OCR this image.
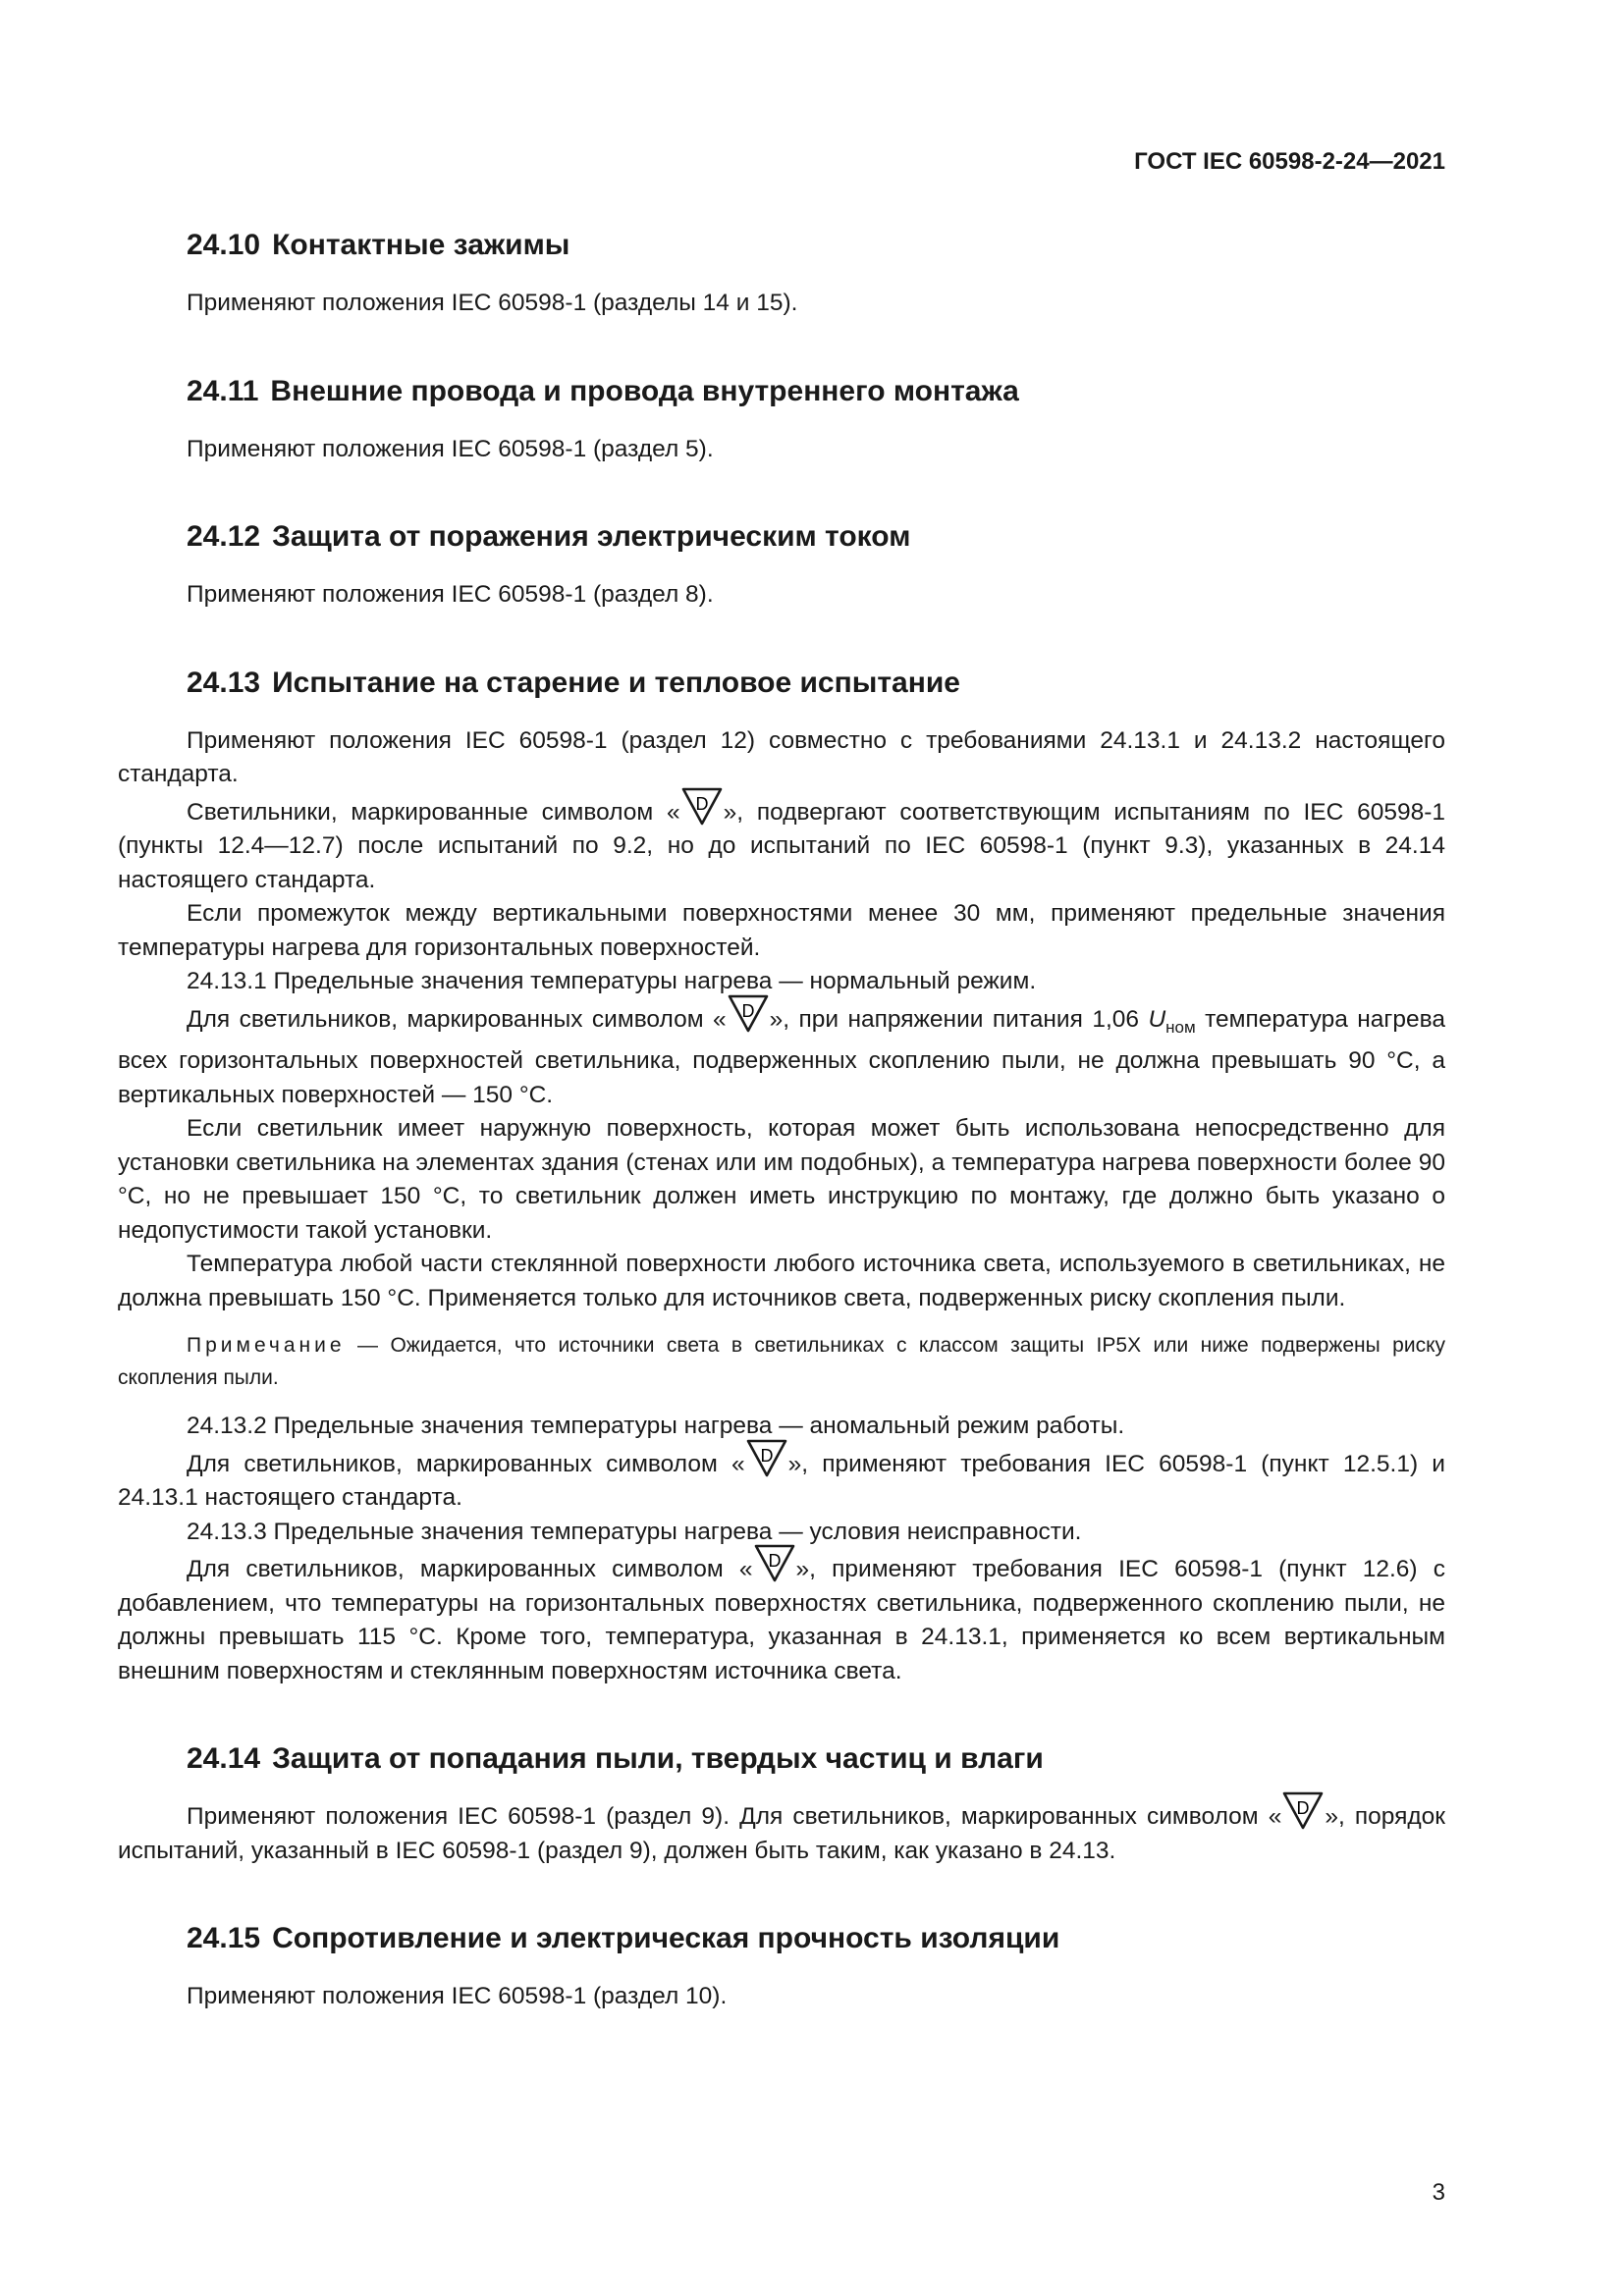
ГОСТ IEC 60598-2-24—2021
24.10 Контактные зажимы

Применяют положения IEC 60598-1 (разделы 14 и 15).

24.11 Внешние провода и провода внутреннего монтажа

Применяют положения IEC 60598-1 (раздел 5).

24.12 Защита от поражения электрическим током

Применяют положения IEC 60598-1 (раздел 8).

24.13 Испытание на старение и тепловое испытание

Применяют положения IEC 60598-1 (раздел 12) совместно с требованиями 24.13.1 и 24.13.2 настоящего стандарта.

Светильники, маркированные символом « D », подвергают соответствующим испытаниям по IEC 60598-1 (пункты 12.4—12.7) после испытаний по 9.2, но до испытаний по IEC 60598-1 (пункт 9.3), указанных в 24.14 настоящего стандарта.

Если промежуток между вертикальными поверхностями менее 30 мм, применяют предельные значения температуры нагрева для горизонтальных поверхностей.

24.13.1 Предельные значения температуры нагрева — нормальный режим.

Для светильников, маркированных символом « D », при напряжении питания 1,06 $U_{ном}$ температура нагрева всех горизонтальных поверхностей светильника, подверженных скоплению пыли, не должна превышать 90 °С, а вертикальных поверхностей — 150 °С.

Если светильник имеет наружную поверхность, которая может быть использована непосредственно для установки светильника на элементах здания (стенах или им подобных), а температура нагрева поверхности более 90 °С, но не превышает 150 °С, то светильник должен иметь инструкцию по монтажу, где должно быть указано о недопустимости такой установки.

Температура любой части стеклянной поверхности любого источника света, используемого в светильниках, не должна превышать 150 °С. Применяется только для источников света, подверженных риску скопления пыли.

Примечание — Ожидается, что источники света в светильниках с классом защиты IP5X или ниже подвержены риску скопления пыли.

24.13.2 Предельные значения температуры нагрева — аномальный режим работы.

Для светильников, маркированных символом « D », применяют требования IEC 60598-1 (пункт 12.5.1) и 24.13.1 настоящего стандарта.

24.13.3 Предельные значения температуры нагрева — условия неисправности.

Для светильников, маркированных символом « D », применяют требования IEC 60598-1 (пункт 12.6) с добавлением, что температуры на горизонтальных поверхностях светильника, подверженного скоплению пыли, не должны превышать 115 °С. Кроме того, температура, указанная в 24.13.1, применяется ко всем вертикальным внешним поверхностям и стеклянным поверхностям источника света.

24.14 Защита от попадания пыли, твердых частиц и влаги

Применяют положения IEC 60598-1 (раздел 9). Для светильников, маркированных символом « D », порядок испытаний, указанный в IEC 60598-1 (раздел 9), должен быть таким, как указано в 24.13.

24.15 Сопротивление и электрическая прочность изоляции

Применяют положения IEC 60598-1 (раздел 10).

3
